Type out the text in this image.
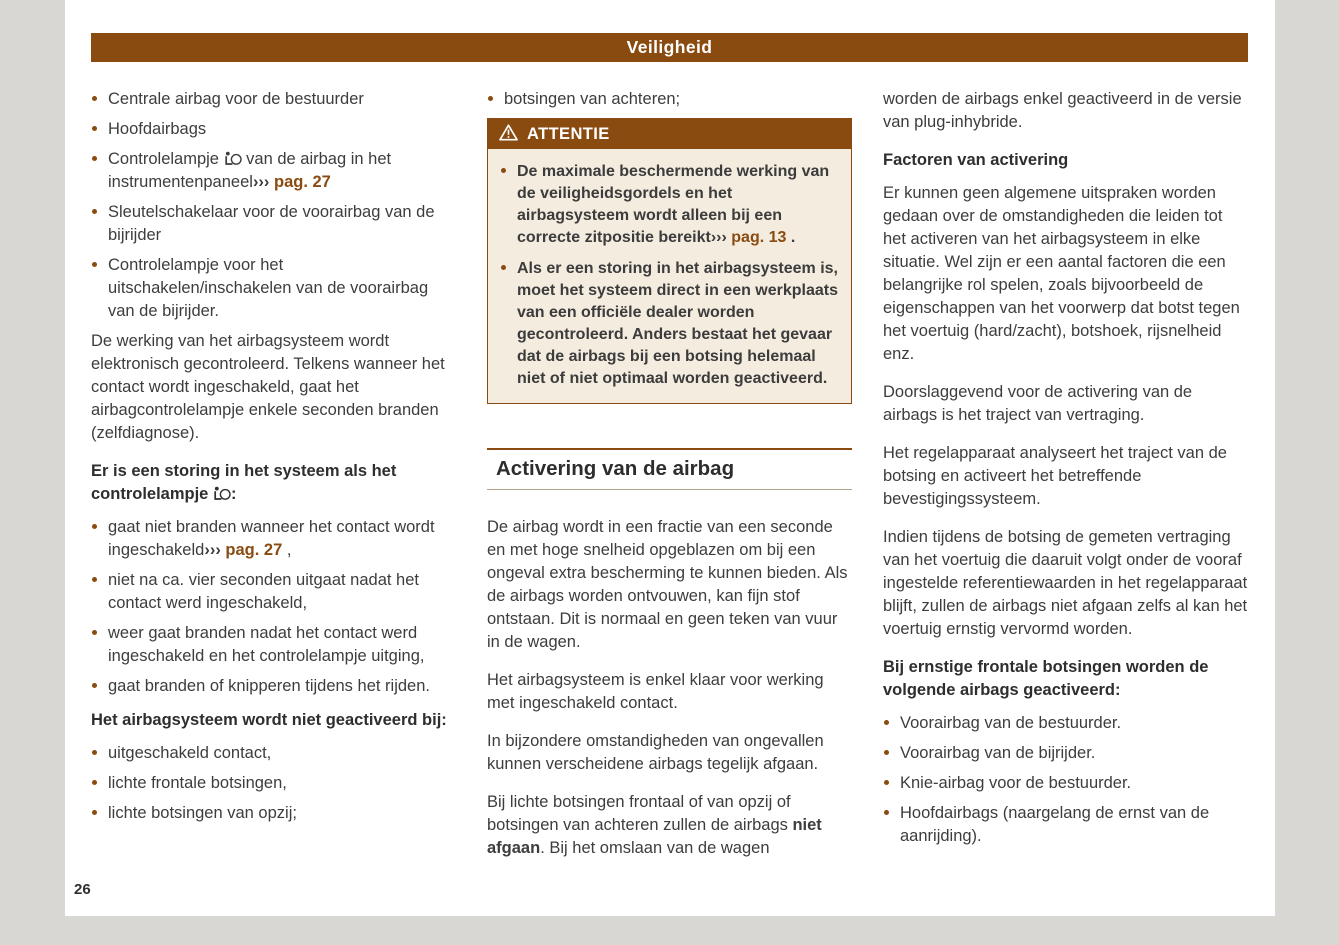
Veiligheid
Centrale airbag voor de bestuurder
Hoofdairbags
Controlelampje  van de airbag in het instrumentenpaneel››› pag. 27
Sleutelschakelaar voor de voorairbag van de bijrijder
Controlelampje voor het uitschakelen/inschakelen van de voorairbag van de bijrijder.
De werking van het airbagsysteem wordt elektronisch gecontroleerd. Telkens wanneer het contact wordt ingeschakeld, gaat het airbagcontrolelampje enkele seconden branden (zelfdiagnose).
Er is een storing in het systeem als het controlelampje :
gaat niet branden wanneer het contact wordt ingeschakeld››› pag. 27 ,
niet na ca. vier seconden uitgaat nadat het contact werd ingeschakeld,
weer gaat branden nadat het contact werd ingeschakeld en het controlelampje uitging,
gaat branden of knipperen tijdens het rijden.
Het airbagsysteem wordt niet geactiveerd bij:
uitgeschakeld contact,
lichte frontale botsingen,
lichte botsingen van opzij;
botsingen van achteren;
ATTENTIE
De maximale beschermende werking van de veiligheidsgordels en het airbagsysteem wordt alleen bij een correcte zitpositie bereikt››› pag. 13 .
Als er een storing in het airbagsysteem is, moet het systeem direct in een werkplaats van een officiële dealer worden gecontroleerd. Anders bestaat het gevaar dat de airbags bij een botsing helemaal niet of niet optimaal worden geactiveerd.
Activering van de airbag
De airbag wordt in een fractie van een seconde en met hoge snelheid opgeblazen om bij een ongeval extra bescherming te kunnen bieden. Als de airbags worden ontvouwen, kan fijn stof ontstaan. Dit is normaal en geen teken van vuur in de wagen.
Het airbagsysteem is enkel klaar voor werking met ingeschakeld contact.
In bijzondere omstandigheden van ongevallen kunnen verscheidene airbags tegelijk afgaan.
Bij lichte botsingen frontaal of van opzij of botsingen van achteren zullen de airbags niet afgaan. Bij het omslaan van de wagen
worden de airbags enkel geactiveerd in de versie van plug-inhybride.
Factoren van activering
Er kunnen geen algemene uitspraken worden gedaan over de omstandigheden die leiden tot het activeren van het airbagsysteem in elke situatie. Wel zijn er een aantal factoren die een belangrijke rol spelen, zoals bijvoorbeeld de eigenschappen van het voorwerp dat botst tegen het voertuig (hard/zacht), botshoek, rijsnelheid enz.
Doorslaggevend voor de activering van de airbags is het traject van vertraging.
Het regelapparaat analyseert het traject van de botsing en activeert het betreffende bevestigingssysteem.
Indien tijdens de botsing de gemeten vertraging van het voertuig die daaruit volgt onder de vooraf ingestelde referentiewaarden in het regelapparaat blijft, zullen de airbags niet afgaan zelfs al kan het voertuig ernstig vervormd worden.
Bij ernstige frontale botsingen worden de volgende airbags geactiveerd:
Voorairbag van de bestuurder.
Voorairbag van de bijrijder.
Knie-airbag voor de bestuurder.
Hoofdairbags (naargelang de ernst van de aanrijding).
26
